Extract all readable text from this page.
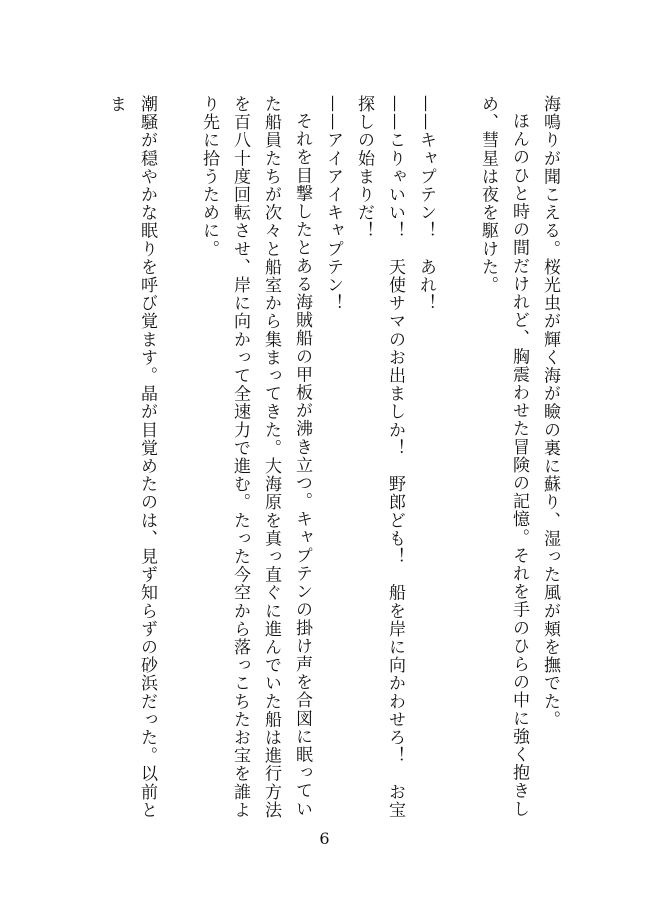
海鳴りが聞こえる。桜光虫が輝く海が瞼の裏に蘇り、湿った風が頬を撫でた。

ほんのひと時の間だけれど、胸震わせた冒険の記憶。それを手のひらの中に強く抱きしめ、彗星は夜を駆けた。

——キャプテン！　あれ！

——こりゃいい！　天使サマのお出ましか！　野郎ども！　船を岸に向かわせろ！　お宝探しの始まりだ！

——アイアイキャプテン！

それを目撃したとある海賊船の甲板が沸き立つ。キャプテンの掛け声を合図に眠っていた船員たちが次々と船室から集まってきた。大海原を真っ直ぐに進んでいた船は進行方法を百八十度回転させ、岸に向かって全速力で進む。たった今空から落っこちたお宝を誰より先に拾うために。

潮騒が穏やかな眠りを呼び覚ます。晶が目覚めたのは、見ず知らずの砂浜だった。以前とま

6
